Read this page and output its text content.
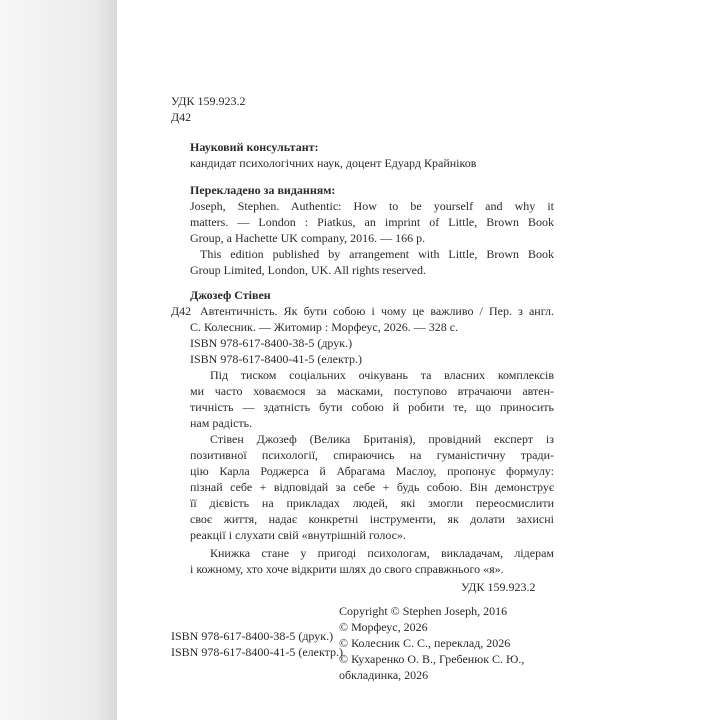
УДК 159.923.2
Д42
Науковий консультант:
кандидат психологічних наук, доцент Едуард Крайніков
Перекладено за виданням:
Joseph, Stephen. Authentic: How to be yourself and why it
matters. — London : Piatkus, an imprint of Little, Brown Book
Group, a Hachette UK company, 2016. — 166 p.
This edition published by arrangement with Little, Brown Book
Group Limited, London, UK. All rights reserved.
Джозеф Стівен
Д42 Автентичність. Як бути собою і чому це важливо / Пер. з англ.
С. Колесник. — Житомир : Морфеус, 2026. — 328 с.
ISBN 978-617-8400-38-5 (друк.)
ISBN 978-617-8400-41-5 (електр.)
Під тиском соціальних очікувань та власних комплексів
ми часто ховаємося за масками, поступово втрачаючи автен-
тичність — здатність бути собою й робити те, що приносить
нам радість.
Стівен Джозеф (Велика Британія), провідний експерт із
позитивної психології, спираючись на гуманістичну тради-
цію Карла Роджерса й Абрагама Маслоу, пропонує формулу:
пізнай себе + відповідай за себе + будь собою. Він демонструє
її дієвість на прикладах людей, які змогли переосмислити
своє життя, надає конкретні інструменти, як долати захисні
реакції і слухати свій «внутрішній голос».
Книжка стане у пригоді психологам, викладачам, лідерам
і кожному, хто хоче відкрити шлях до свого справжнього «я».
УДК 159.923.2
Copyright © Stephen Joseph, 2016
© Морфеус, 2026
© Колесник С. С., переклад, 2026
© Кухаренко О. В., Гребенюк С. Ю.,
обкладинка, 2026
ISBN 978-617-8400-38-5 (друк.)
ISBN 978-617-8400-41-5 (електр.)
